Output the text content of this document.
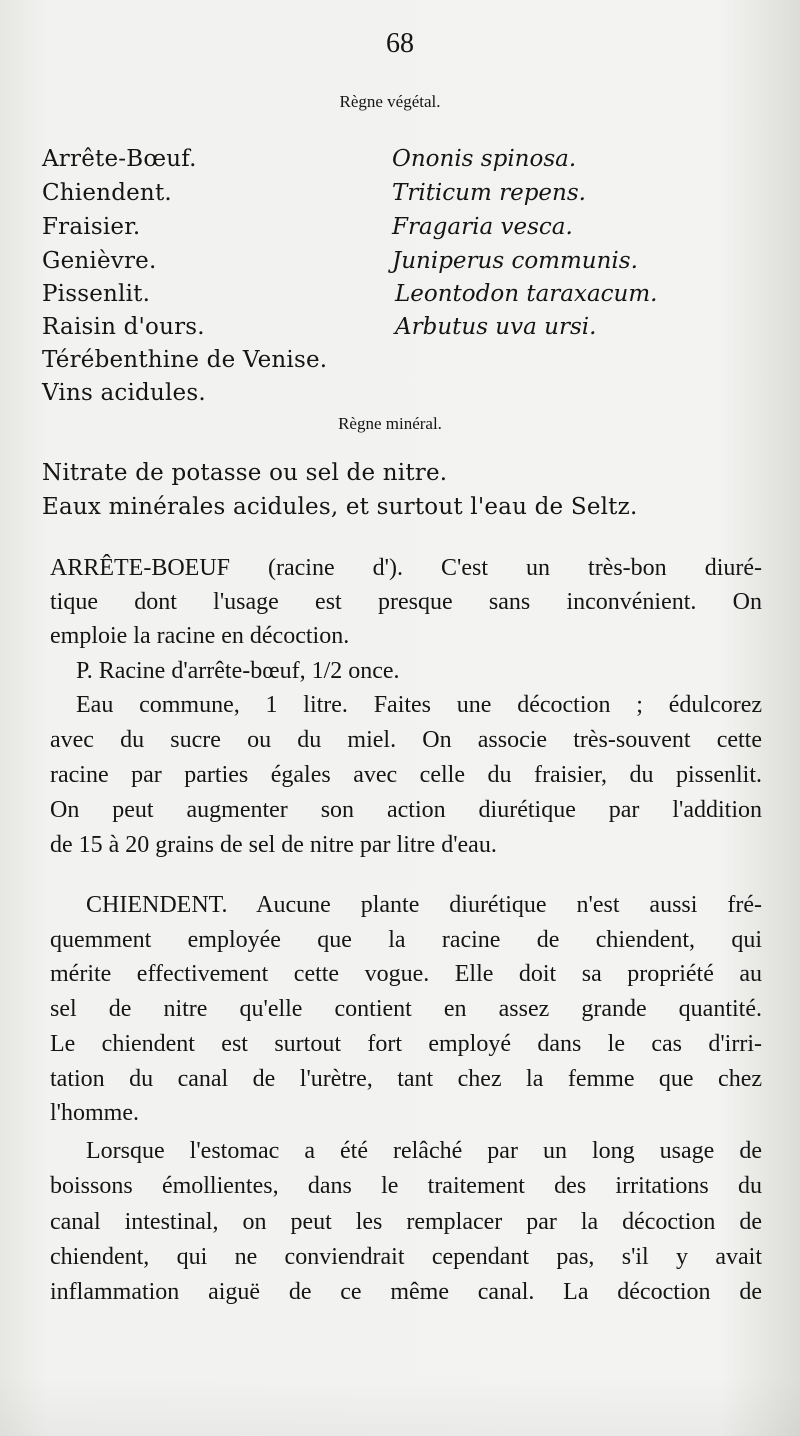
68
Règne végétal.
Arrête-Bœuf.	Ononis spinosa.
Chiendent.	Triticum repens.
Fraisier.	Fragaria vesca.
Genièvre.	Juniperus communis.
Pissenlit.	Leontodon taraxacum.
Raisin d'ours.	Arbutus uva ursi.
Térébenthine de Venise.
Vins acidules.
Règne minéral.
Nitrate de potasse ou sel de nitre.
Eaux minérales acidules, et surtout l'eau de Seltz.
ARRÊTE-BOEUF (racine d'). C'est un très-bon diuré-
tique dont l'usage est presque sans inconvénient. On
emploie la racine en décoction.
P. Racine d'arrête-bœuf, 1/2 once.
Eau commune, 1 litre. Faites une décoction ; édulcorez
avec du sucre ou du miel. On associe très-souvent cette
racine par parties égales avec celle du fraisier, du pissenlit.
On peut augmenter son action diurétique par l'addition
de 15 à 20 grains de sel de nitre par litre d'eau.
CHIENDENT. Aucune plante diurétique n'est aussi fré-
quemment employée que la racine de chiendent, qui
mérite effectivement cette vogue. Elle doit sa propriété au
sel de nitre qu'elle contient en assez grande quantité.
Le chiendent est surtout fort employé dans le cas d'irri-
tation du canal de l'urètre, tant chez la femme que chez
l'homme.
Lorsque l'estomac a été relâché par un long usage de
boissons émollientes, dans le traitement des irritations du
canal intestinal, on peut les remplacer par la décoction de
chiendent, qui ne conviendrait cependant pas, s'il y avait
inflammation aiguë de ce même canal. La décoction de
